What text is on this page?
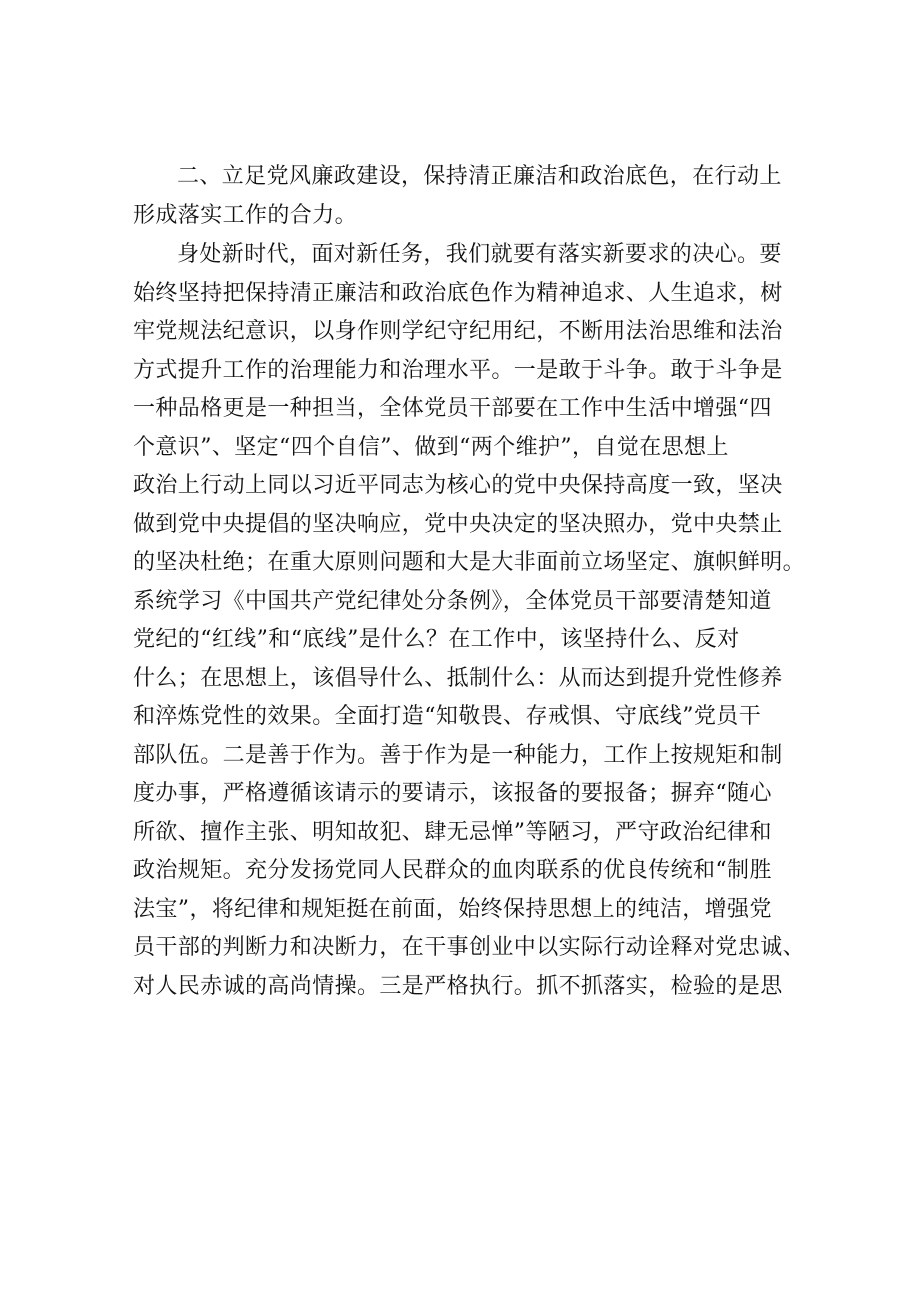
二、立足党风廉政建设，保持清正廉洁和政治底色，在行动上
形成落实工作的合力。
身处新时代，面对新任务，我们就要有落实新要求的决心。要
始终坚持把保持清正廉洁和政治底色作为精神追求、人生追求，树
牢党规法纪意识，以身作则学纪守纪用纪，不断用法治思维和法治
方式提升工作的治理能力和治理水平。一是敢于斗争。敢于斗争是
一种品格更是一种担当，全体党员干部要在工作中生活中增强“四
个意识”、坚定“四个自信”、做到“两个维护”，自觉在思想上
政治上行动上同以习近平同志为核心的党中央保持高度一致，坚决
做到党中央提倡的坚决响应，党中央决定的坚决照办，党中央禁止
的坚决杜绝；在重大原则问题和大是大非面前立场坚定、旗帜鲜明。
系统学习《中国共产党纪律处分条例》，全体党员干部要清楚知道
党纪的“红线”和“底线”是什么？在工作中，该坚持什么、反对
什么；在思想上，该倡导什么、抵制什么：从而达到提升党性修养
和淬炼党性的效果。全面打造“知敬畏、存戒惧、守底线”党员干
部队伍。二是善于作为。善于作为是一种能力，工作上按规矩和制
度办事，严格遵循该请示的要请示，该报备的要报备；摒弃“随心
所欲、擅作主张、明知故犯、肆无忌惮”等陋习，严守政治纪律和
政治规矩。充分发扬党同人民群众的血肉联系的优良传统和“制胜
法宝”，将纪律和规矩挺在前面，始终保持思想上的纯洁，增强党
员干部的判断力和决断力，在干事创业中以实际行动诠释对党忠诚、
对人民赤诚的高尚情操。三是严格执行。抓不抓落实，检验的是思
